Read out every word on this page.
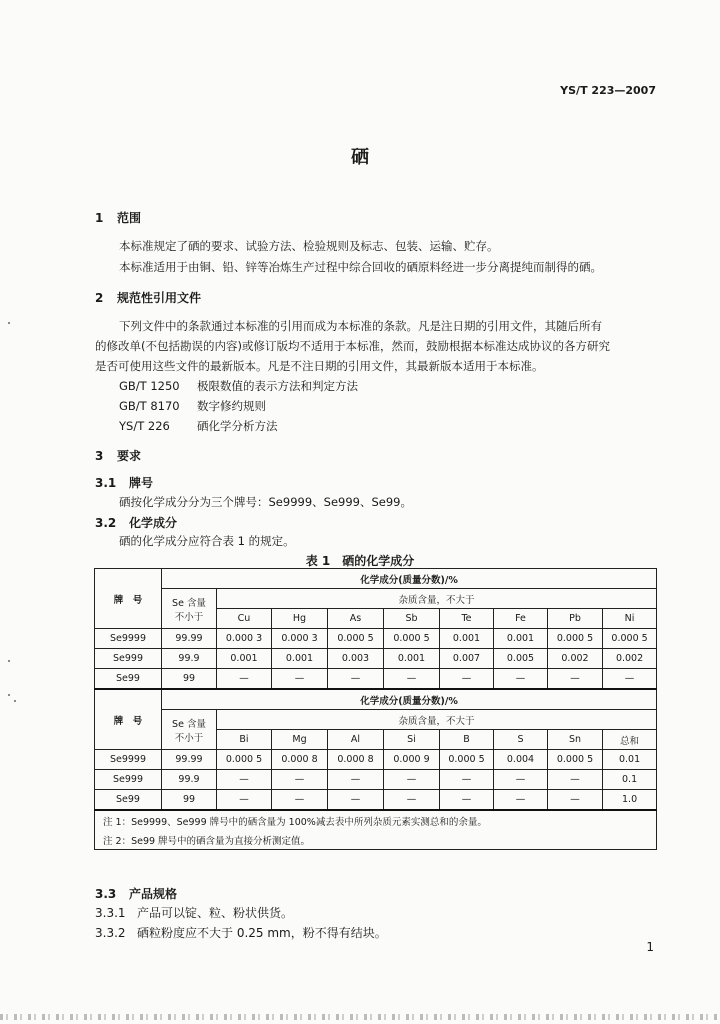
YS/T 223—2007
硒
1 范围
本标准规定了硒的要求、试验方法、检验规则及标志、包装、运输、贮存。
本标准适用于由铜、铅、锌等冶炼生产过程中综合回收的硒原料经进一步分离提纯而制得的硒。
2 规范性引用文件
下列文件中的条款通过本标准的引用而成为本标准的条款。凡是注日期的引用文件，其随后所有
的修改单(不包括勘误的内容)或修订版均不适用于本标准，然而，鼓励根据本标准达成协议的各方研究
是否可使用这些文件的最新版本。凡是不注日期的引用文件，其最新版本适用于本标准。
GB/T 1250 极限数值的表示方法和判定方法
GB/T 8170 数字修约规则
YS/T 226 硒化学分析方法
3 要求
3.1 牌号
硒按化学成分分为三个牌号：Se9999、Se999、Se99。
3.2 化学成分
硒的化学成分应符合表 1 的规定。
表 1　硒的化学成分
牌　号	化学成分(质量分数)/%								

	Se 含量
不小于	杂质含量，不大于							
		Cu	Hg	As	Sb	Te	Fe	Pb	Ni
Se9999	99.99	0.000 3	0.000 3	0.000 5	0.000 5	0.001	0.001	0.000 5	0.000 5
Se999	99.9	0.001	0.001	0.003	0.001	0.007	0.005	0.002	0.002
Se99	99	—	—	—	—	—	—	—	—
牌　号	化学成分(质量分数)/%								

	Se 含量
不小于	杂质含量，不大于							
		Bi	Mg	Al	Si	B	S	Sn	总和
Se9999	99.99	0.000 5	0.000 8	0.000 8	0.000 9	0.000 5	0.004	0.000 5	0.01
Se999	99.9	—	—	—	—	—	—	—	0.1
Se99	99	—	—	—	—	—	—	—	1.0
注 1：Se9999、Se999 牌号中的硒含量为 100%减去表中所列杂质元素实测总和的余量。									
注 2：Se99 牌号中的硒含量为直接分析测定值。									
3.3 产品规格
3.3.1 产品可以锭、粒、粉状供货。
3.3.2 硒粒粉度应不大于 0.25 mm，粉不得有结块。
1
